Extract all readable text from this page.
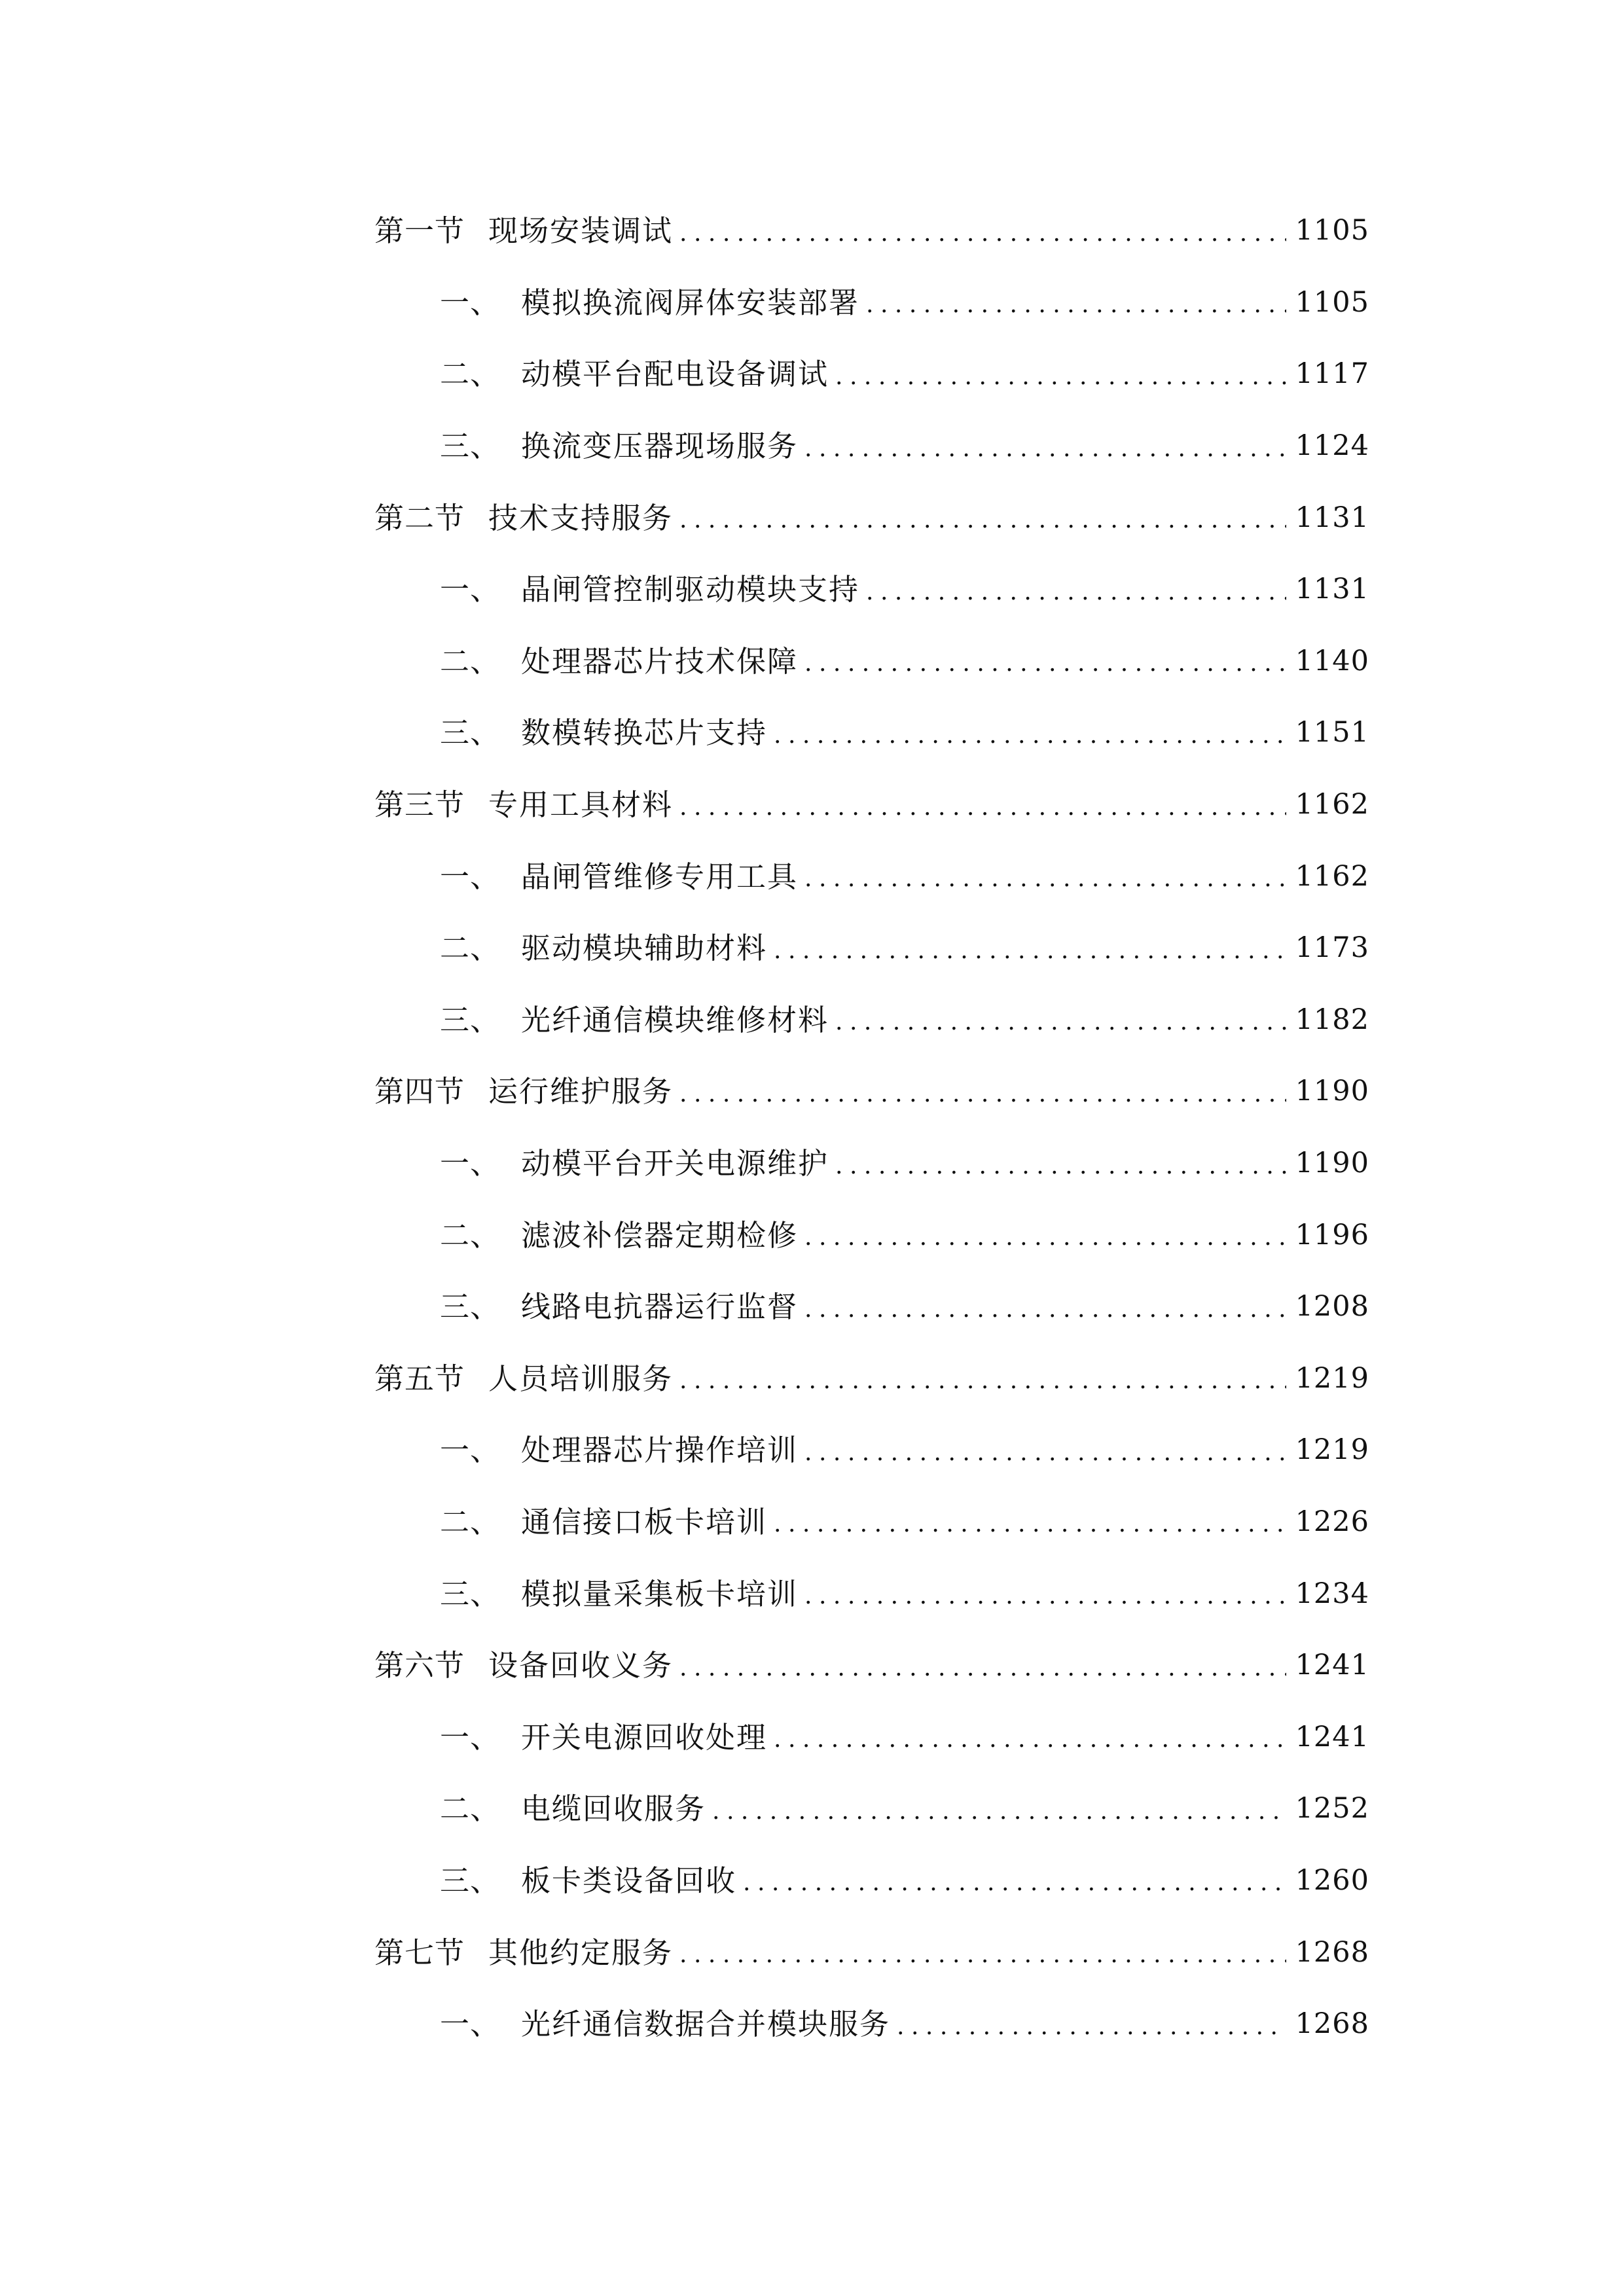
第一节 现场安装调试 .....	1105
一、 模拟换流阀屏体安装部署 .....	1105
二、 动模平台配电设备调试 .....	1117
三、 换流变压器现场服务 .....	1124
第二节 技术支持服务 .....	1131
一、 晶闸管控制驱动模块支持 .....	1131
二、 处理器芯片技术保障 .....	1140
三、 数模转换芯片支持 .....	1151
第三节 专用工具材料 .....	1162
一、 晶闸管维修专用工具 .....	1162
二、 驱动模块辅助材料 .....	1173
三、 光纤通信模块维修材料 .....	1182
第四节 运行维护服务 .....	1190
一、 动模平台开关电源维护 .....	1190
二、 滤波补偿器定期检修 .....	1196
三、 线路电抗器运行监督 .....	1208
第五节 人员培训服务 .....	1219
一、 处理器芯片操作培训 .....	1219
二、 通信接口板卡培训 .....	1226
三、 模拟量采集板卡培训 .....	1234
第六节 设备回收义务 .....	1241
一、 开关电源回收处理 .....	1241
二、 电缆回收服务 .....	1252
三、 板卡类设备回收 .....	1260
第七节 其他约定服务 .....	1268
一、 光纤通信数据合并模块服务 .....	1268
